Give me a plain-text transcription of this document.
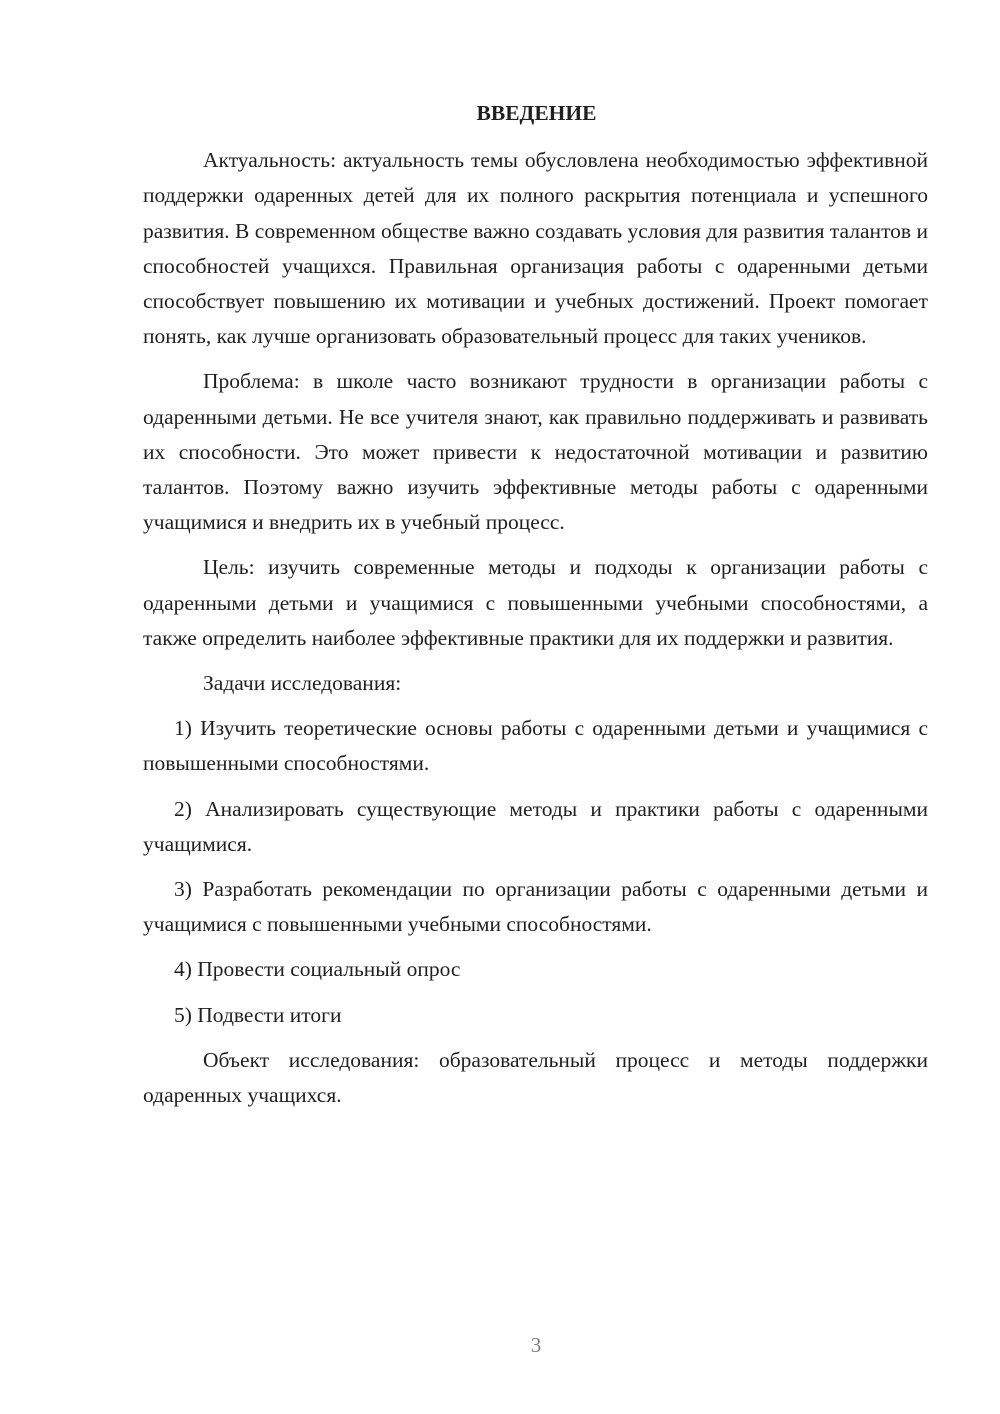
ВВЕДЕНИЕ

Актуальность: актуальность темы обусловлена необходимостью эффективной поддержки одаренных детей для их полного раскрытия потенциала и успешного развития. В современном обществе важно создавать условия для развития талантов и способностей учащихся. Правильная организация работы с одаренными детьми способствует повышению их мотивации и учебных достижений. Проект помогает понять, как лучше организовать образовательный процесс для таких учеников.

Проблема: в школе часто возникают трудности в организации работы с одаренными детьми. Не все учителя знают, как правильно поддерживать и развивать их способности. Это может привести к недостаточной мотивации и развитию талантов. Поэтому важно изучить эффективные методы работы с одаренными учащимися и внедрить их в учебный процесс.

Цель: изучить современные методы и подходы к организации работы с одаренными детьми и учащимися с повышенными учебными способностями, а также определить наиболее эффективные практики для их поддержки и развития.

Задачи исследования:

1) Изучить теоретические основы работы с одаренными детьми и учащимися с повышенными способностями.

2) Анализировать существующие методы и практики работы с одаренными учащимися.

3) Разработать рекомендации по организации работы с одаренными детьми и учащимися с повышенными учебными способностями.

4) Провести социальный опрос

5) Подвести итоги

Объект исследования: образовательный процесс и методы поддержки одаренных учащихся.

3
